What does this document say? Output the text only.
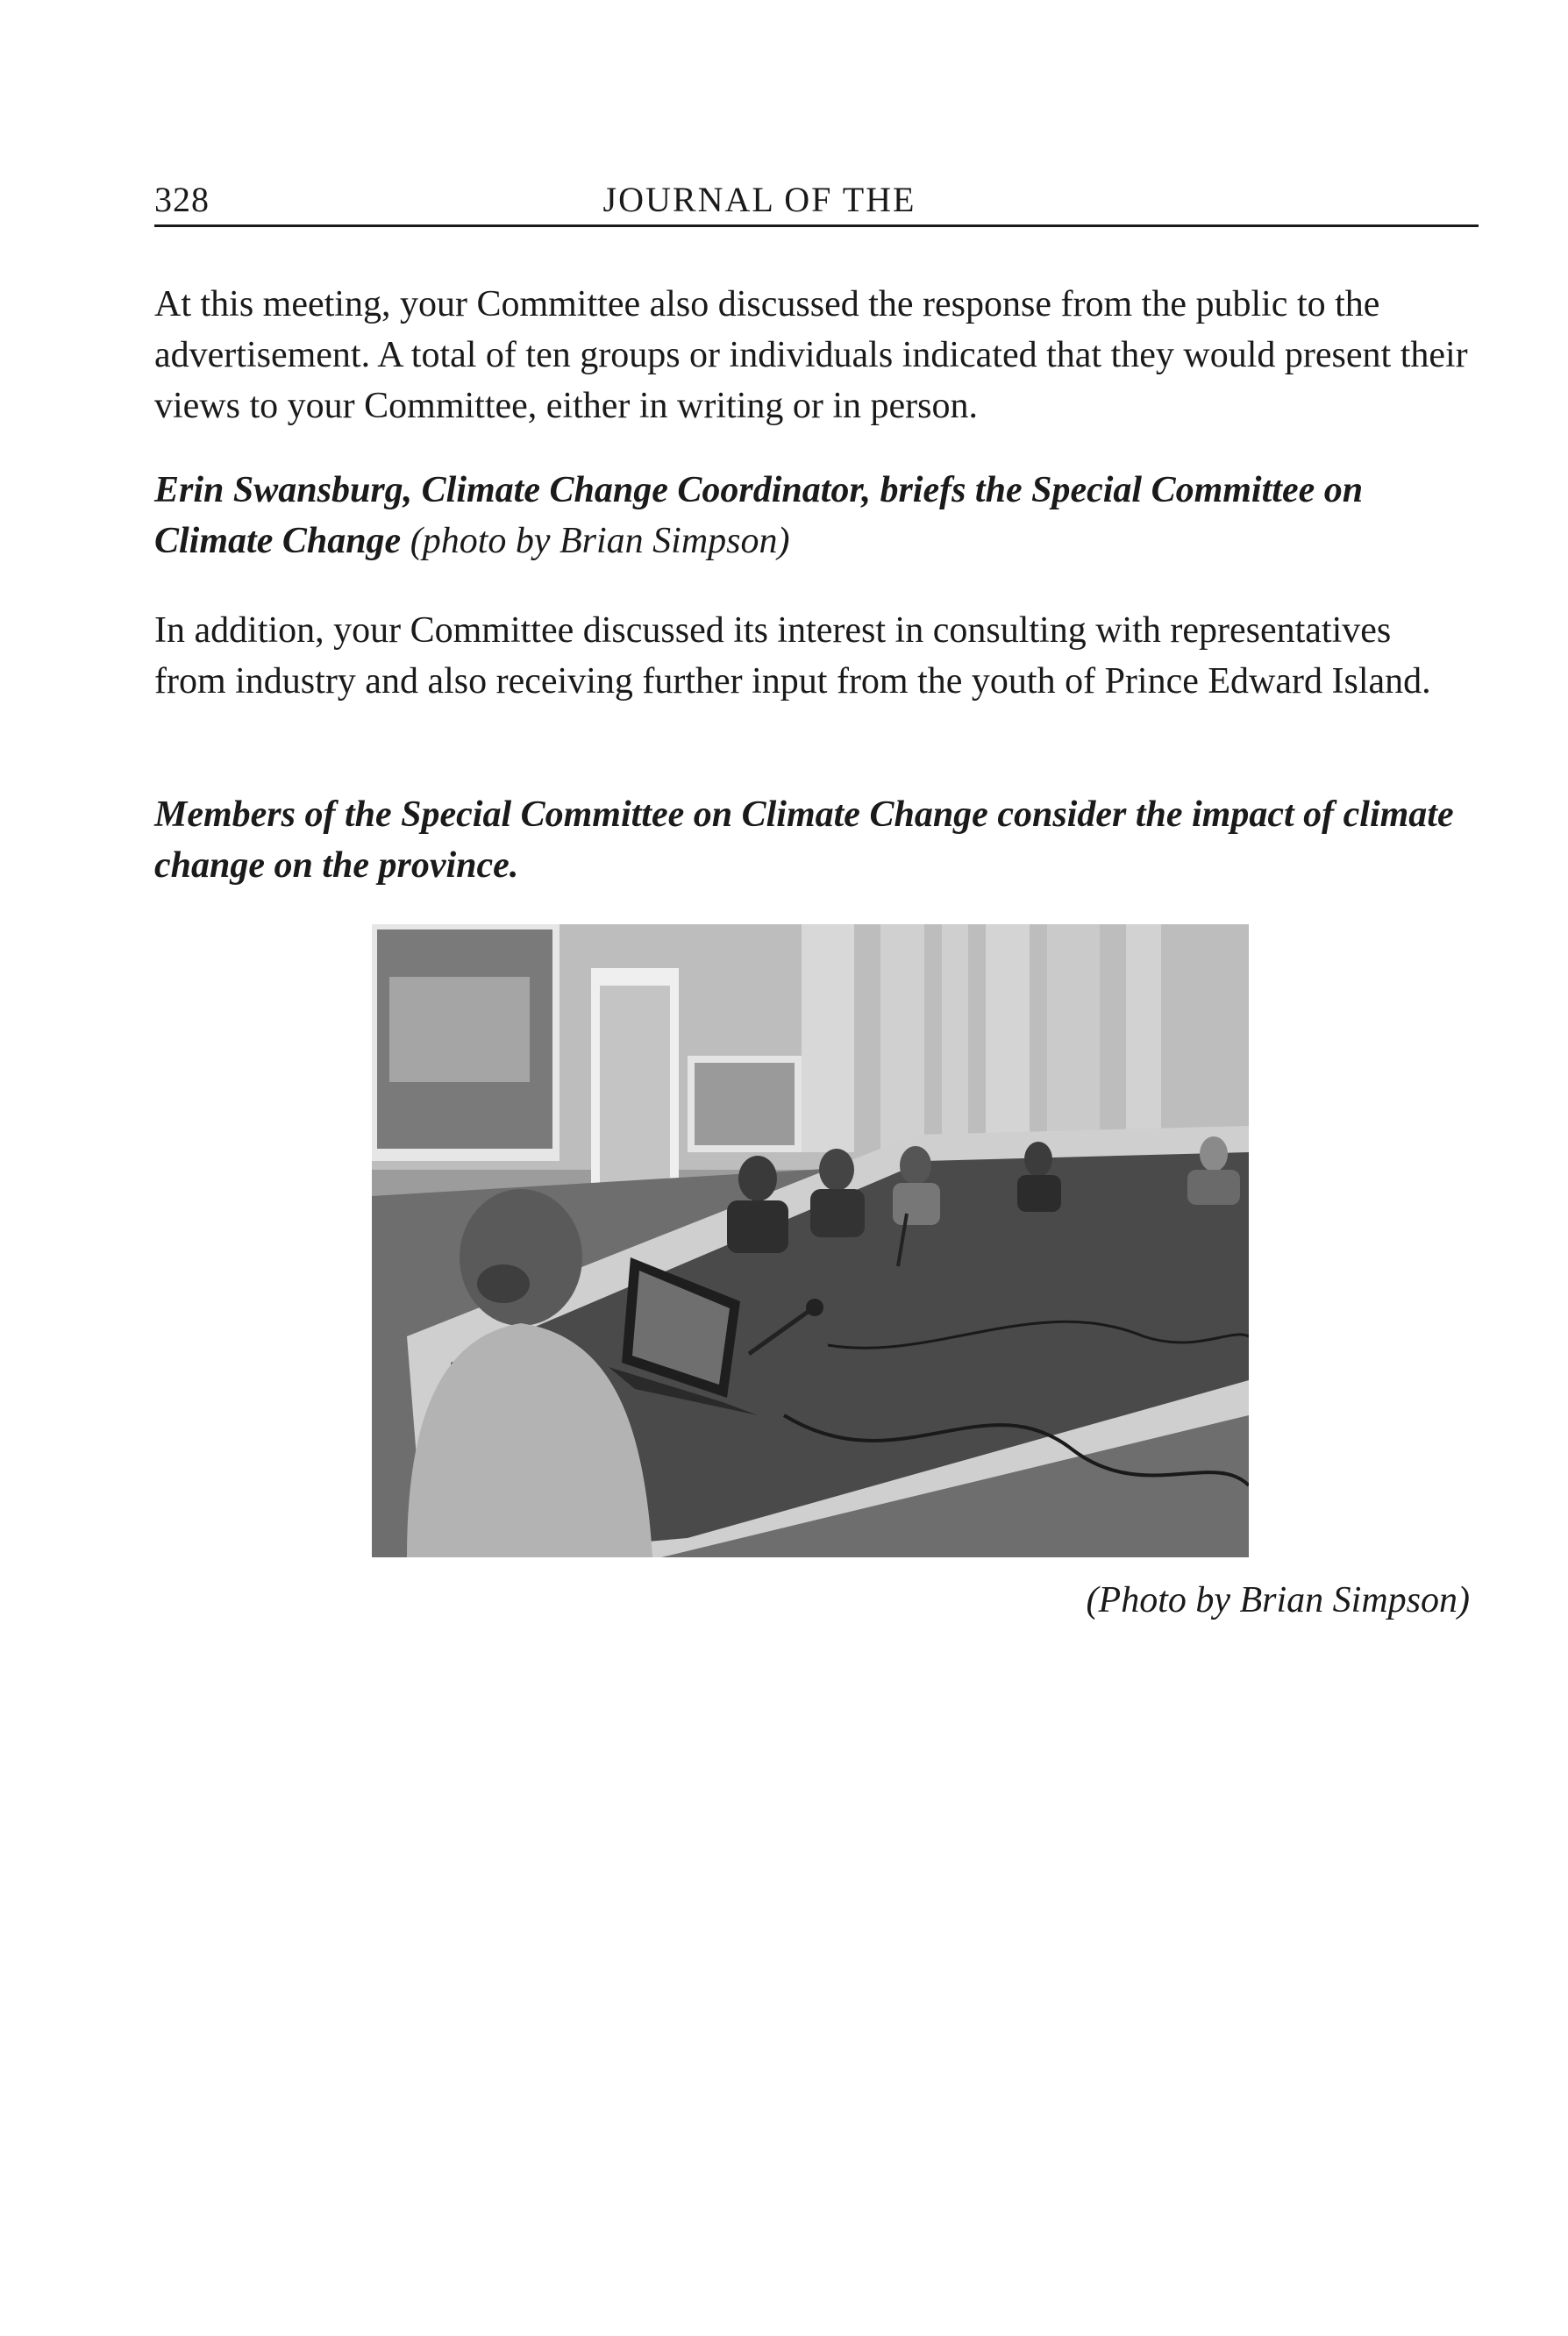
328	JOURNAL OF THE

At this meeting, your Committee also discussed the response from the public to the advertisement. A total of ten groups or individuals indicated that they would present their views to your Committee, either in writing or in person.

Erin Swansburg, Climate Change Coordinator, briefs the Special Committee on Climate Change (photo by Brian Simpson)

In addition, your Committee discussed its interest in consulting with representatives from industry and also receiving further input from the youth of Prince Edward Island.

Members of the Special Committee on Climate Change consider the impact of climate change on the province.

(Photo by Brian Simpson)
